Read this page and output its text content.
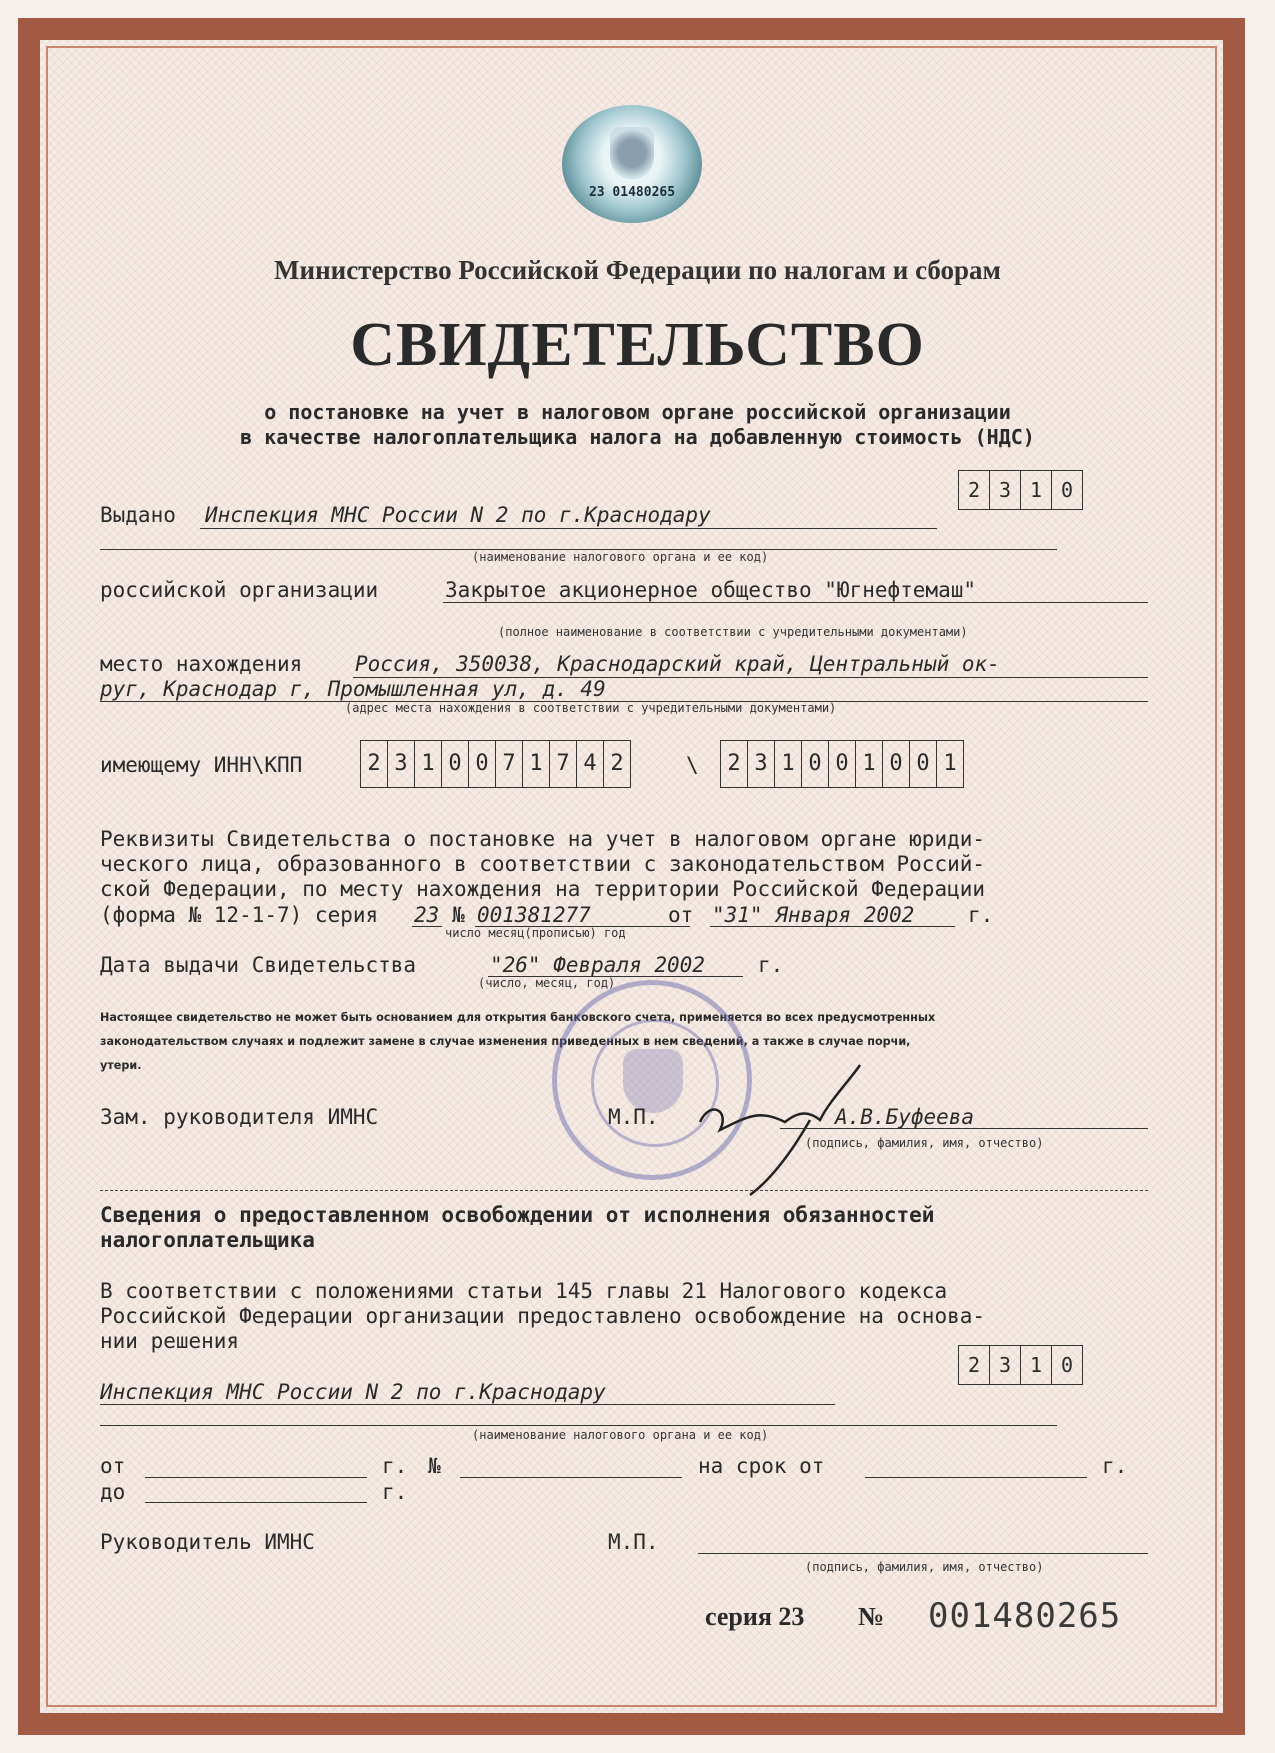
23 01480265
Министерство Российской Федерации по налогам и сборам
СВИДЕТЕЛЬСТВО
о постановке на учет в налоговом органе российской организации
в качестве налогоплательщика налога на добавленную стоимость (НДС)
2 3 1 0
Выдано Инспекция МНС России N 2 по г.Краснодару
(наименование налогового органа и ее код)
российской организации	Закрытое акционерное общество "Югнефтемаш"
(полное наименование в соответствии с учредительными документами)
место нахождения	Россия, 350038, Краснодарский край, Центральный ок-
руг, Краснодар г, Промышленная ул, д. 49
(адрес места нахождения в соответствии с учредительными документами)
имеющему ИНН\КПП	2 3 1 0 0 7 1 7 4 2	\ 2 3 1 0 0 1 0 0 1
Реквизиты Свидетельства о постановке на учет в налоговом органе юриди-
ческого лица, образованного в соответствии с законодательством Россий-
ской Федерации, по месту нахождения на территории Российской Федерации
(форма № 12-1-7) серия 23 № 001381277	от "31" Января 2002	г.
число месяц(прописью) год
Дата выдачи Свидетельства	"26" Февраля 2002	г.
(число, месяц, год)
Настоящее свидетельство не может быть основанием для открытия банковского счета, применяется во всех предусмотренных
законодательством случаях и подлежит замене в случае изменения приведенных в нем сведений, а также в случае порчи,
утери.
Зам. руководителя ИМНС	М.П.	А.В.Буфеева
(подпись, фамилия, имя, отчество)
Сведения о предоставленном освобождении от исполнения обязанностей
налогоплательщика
В соответствии с положениями статьи 145 главы 21 Налогового кодекса
Российской Федерации организации предоставлено освобождение на основа-
нии решения
2 3 1 0
Инспекция МНС России N 2 по г.Краснодару
(наименование налогового органа и ее код)
от	г. №	на срок от	г.
до	г.
Руководитель ИМНС	М.П.
(подпись, фамилия, имя, отчество)
серия 23 № 001480265
